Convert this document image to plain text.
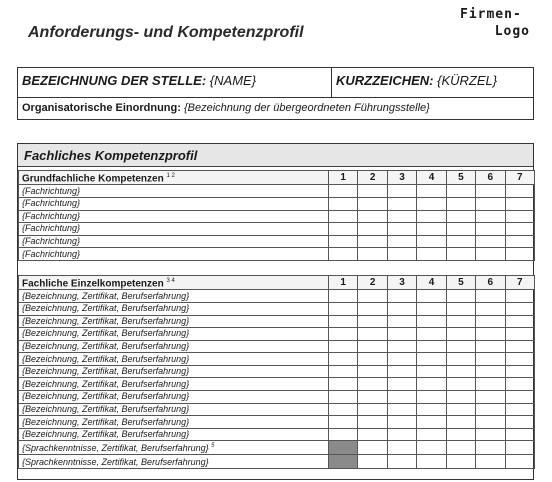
Anforderungs- und Kompetenzprofil
Firmen-
Logo
BEZEICHNUNG DER STELLE: {NAME}	KURZZEICHEN: {KÜRZEL}
Organisatorische Einordnung: {Bezeichnung der übergeordneten Führungsstelle}
Fachliches Kompetenzprofil
Grundfachliche Kompetenzen $^{1 2}$	1	2	3	4	5	6	7
{Fachrichtung}							
{Fachrichtung}							
{Fachrichtung}							
{Fachrichtung}							
{Fachrichtung}							
{Fachrichtung}							
Fachliche Einzelkompetenzen $^{3 4}$	1	2	3	4	5	6	7
{Bezeichnung, Zertifikat, Berufserfahrung}							
{Bezeichnung, Zertifikat, Berufserfahrung}							
{Bezeichnung, Zertifikat, Berufserfahrung}							
{Bezeichnung, Zertifikat, Berufserfahrung}							
{Bezeichnung, Zertifikat, Berufserfahrung}							
{Bezeichnung, Zertifikat, Berufserfahrung}							
{Bezeichnung, Zertifikat, Berufserfahrung}							
{Bezeichnung, Zertifikat, Berufserfahrung}							
{Bezeichnung, Zertifikat, Berufserfahrung}							
{Bezeichnung, Zertifikat, Berufserfahrung}							
{Bezeichnung, Zertifikat, Berufserfahrung}							
{Bezeichnung, Zertifikat, Berufserfahrung}							
{Sprachkenntnisse, Zertifikat, Berufserfahrung} $^5$							
{Sprachkenntnisse, Zertifikat, Berufserfahrung}							
